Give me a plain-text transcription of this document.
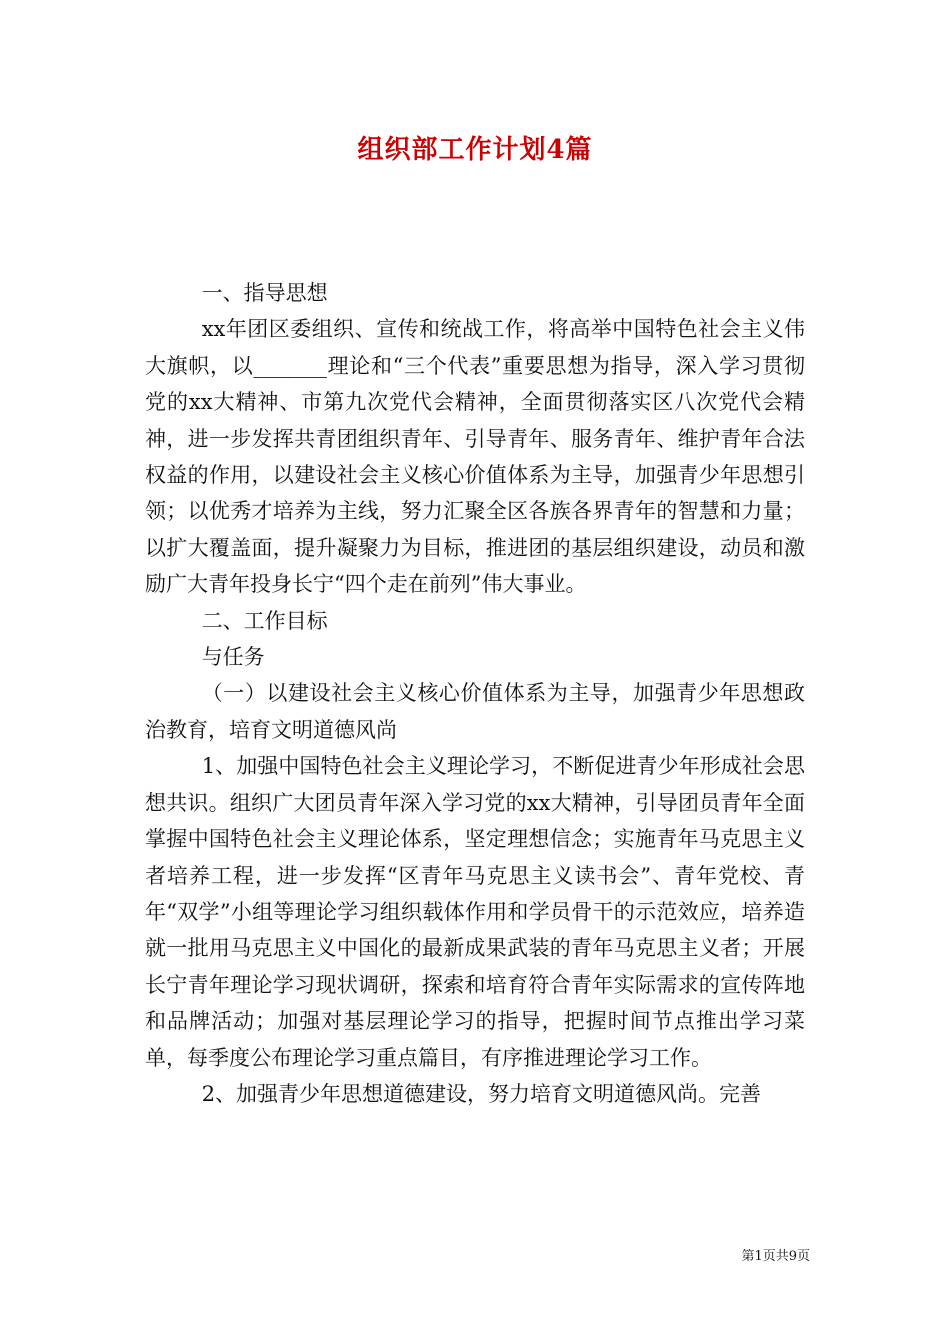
组织部工作计划4篇

一、指导思想

xx年团区委组织、宣传和统战工作，将高举中国特色社会主义伟大旗帜，以_______理论和“三个代表”重要思想为指导，深入学习贯彻党的xx大精神、市第九次党代会精神，全面贯彻落实区八次党代会精神，进一步发挥共青团组织青年、引导青年、服务青年、维护青年合法权益的作用，以建设社会主义核心价值体系为主导，加强青少年思想引领；以优秀才培养为主线，努力汇聚全区各族各界青年的智慧和力量；以扩大覆盖面，提升凝聚力为目标，推进团的基层组织建设，动员和激励广大青年投身长宁“四个走在前列”伟大事业。

二、工作目标

与任务

（一）以建设社会主义核心价值体系为主导，加强青少年思想政治教育，培育文明道德风尚

1、加强中国特色社会主义理论学习，不断促进青少年形成社会思想共识。组织广大团员青年深入学习党的xx大精神，引导团员青年全面掌握中国特色社会主义理论体系，坚定理想信念；实施青年马克思主义者培养工程，进一步发挥“区青年马克思主义读书会”、青年党校、青年“双学”小组等理论学习组织载体作用和学员骨干的示范效应，培养造就一批用马克思主义中国化的最新成果武装的青年马克思主义者；开展长宁青年理论学习现状调研，探索和培育符合青年实际需求的宣传阵地和品牌活动；加强对基层理论学习的指导，把握时间节点推出学习菜单，每季度公布理论学习重点篇目，有序推进理论学习工作。

2、加强青少年思想道德建设，努力培育文明道德风尚。完善

第1页共9页
